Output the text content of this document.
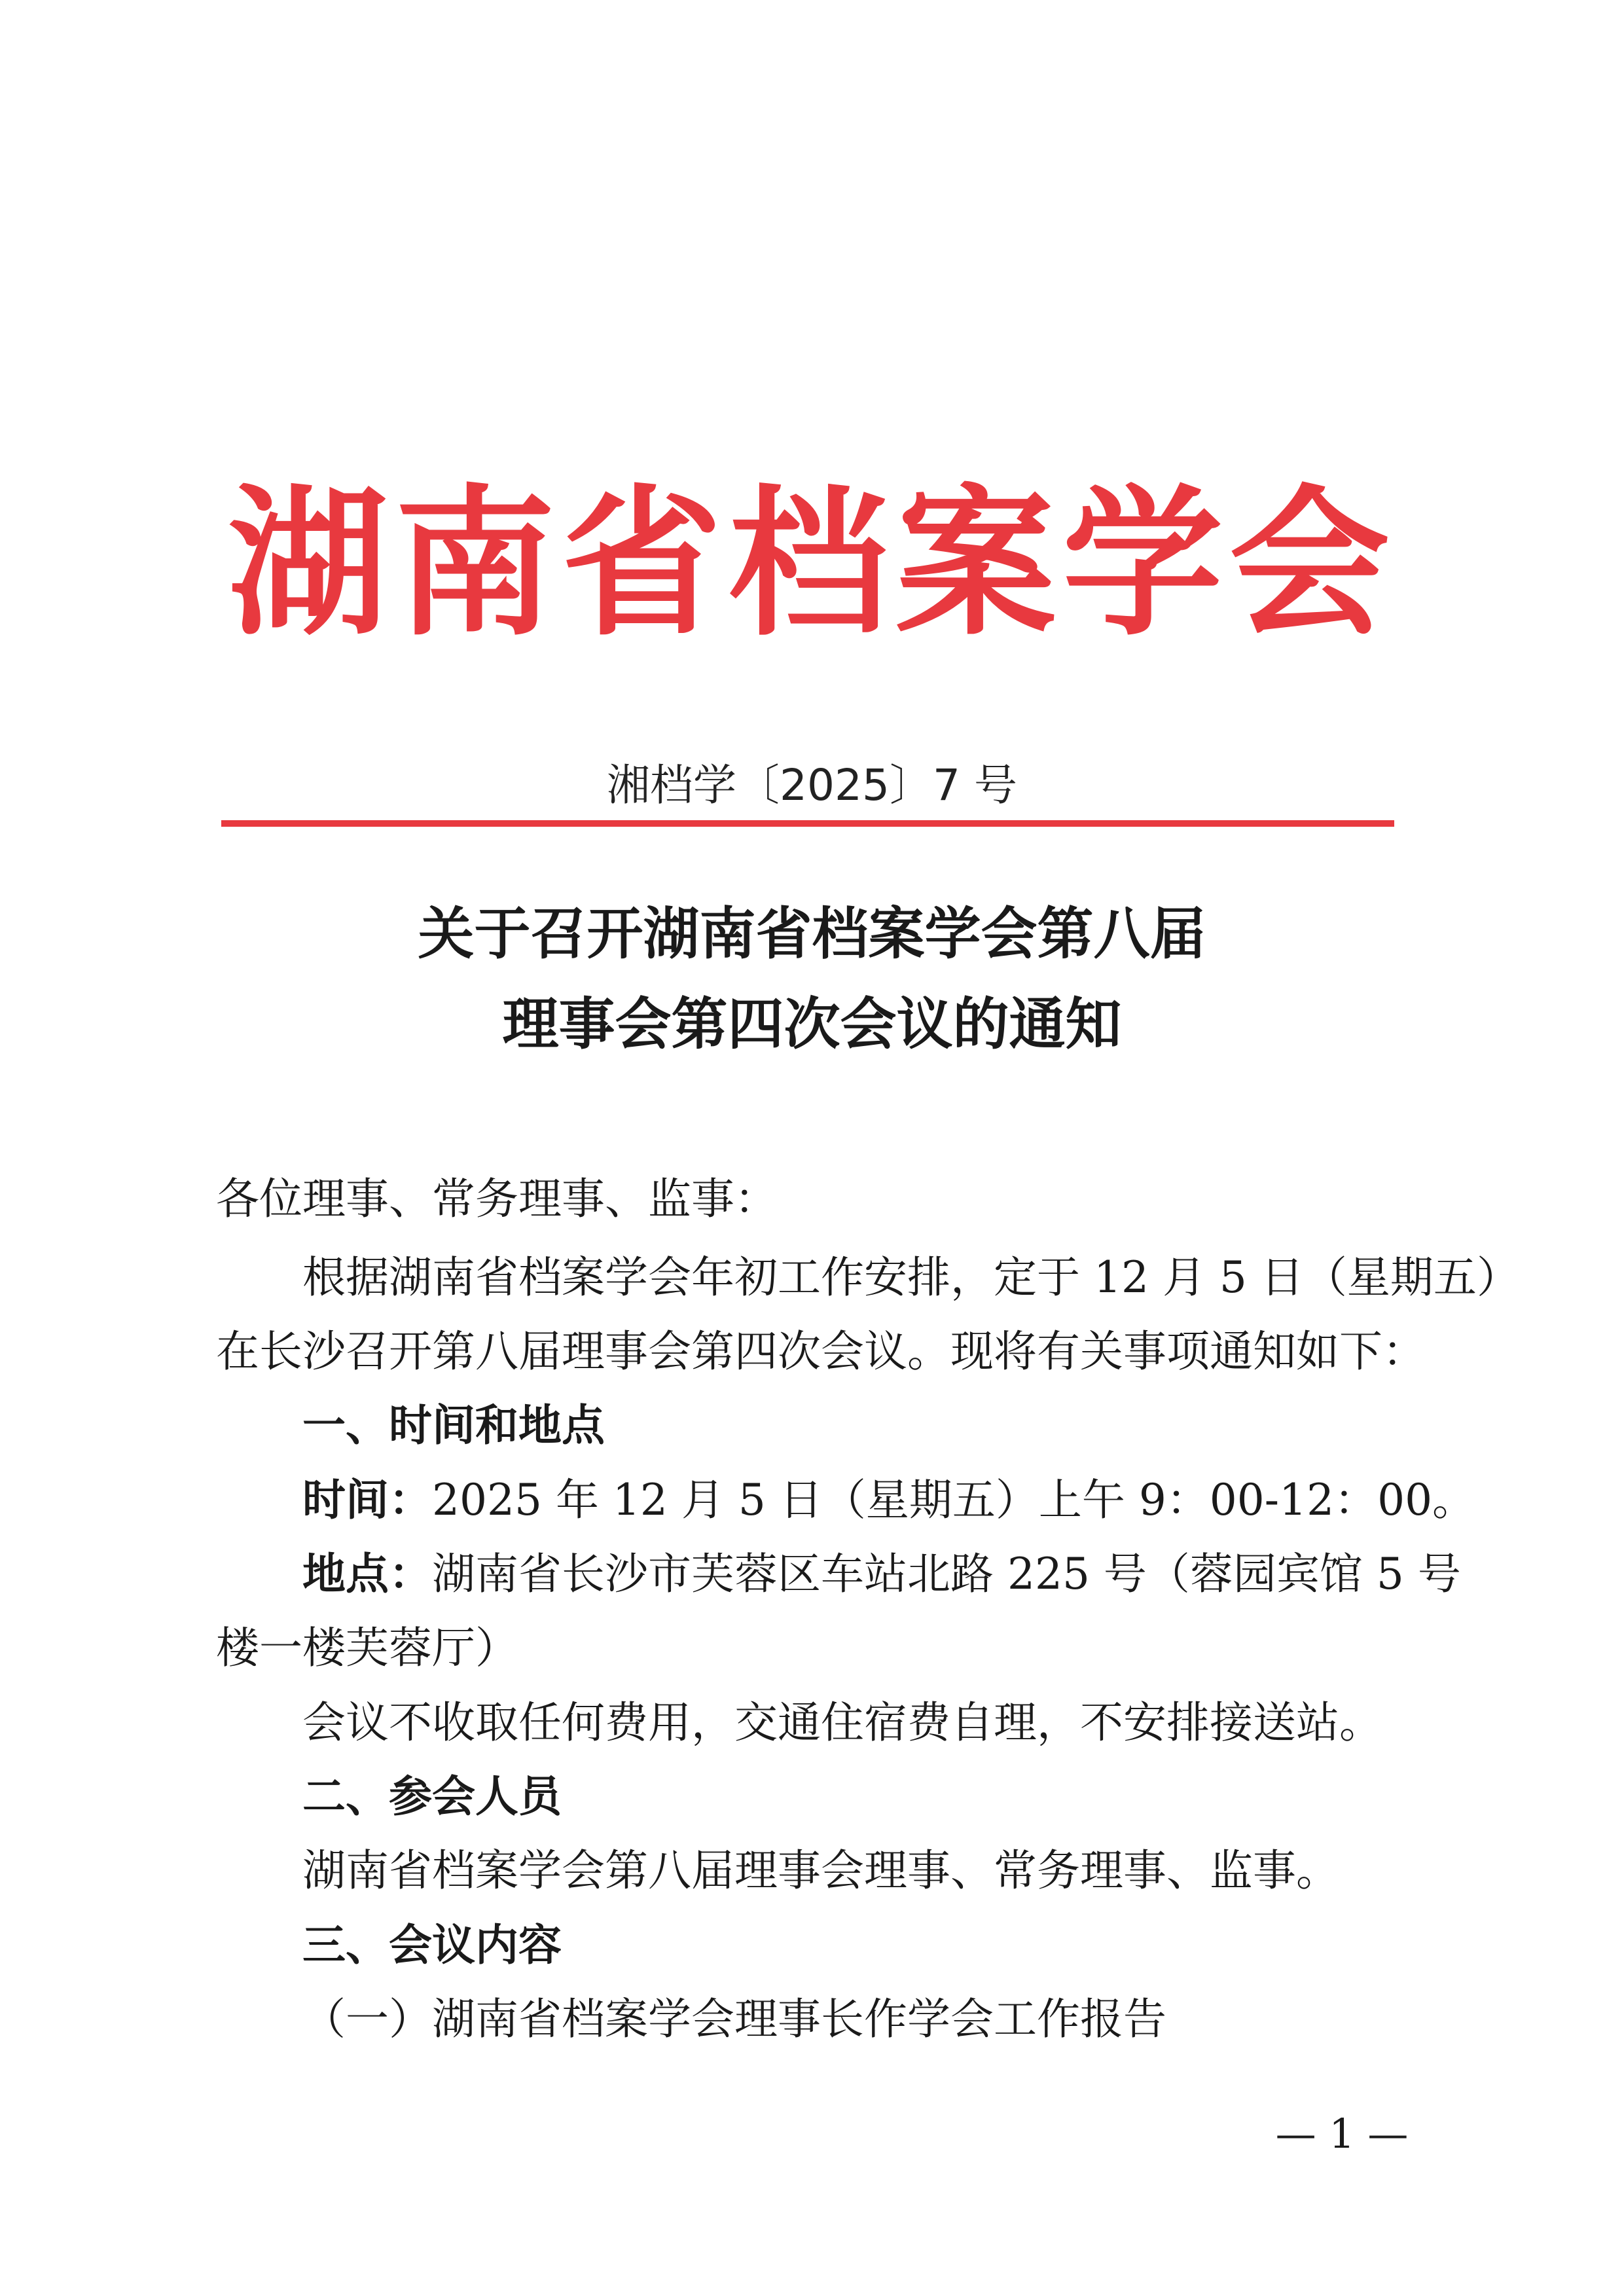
湖南省档案学会
湘档学〔2025〕7 号
关于召开湖南省档案学会第八届
理事会第四次会议的通知
各位理事、常务理事、监事：
根据湖南省档案学会年初工作安排，定于 12 月 5 日（星期五）
在长沙召开第八届理事会第四次会议。现将有关事项通知如下：
一、时间和地点
时间：2025 年 12 月 5 日（星期五）上午 9：00-12：00。
地点：湖南省长沙市芙蓉区车站北路 225 号（蓉园宾馆 5 号
楼一楼芙蓉厅）
会议不收取任何费用，交通住宿费自理，不安排接送站。
二、参会人员
湖南省档案学会第八届理事会理事、常务理事、监事。
三、会议内容
（一）湖南省档案学会理事长作学会工作报告
— 1 —
